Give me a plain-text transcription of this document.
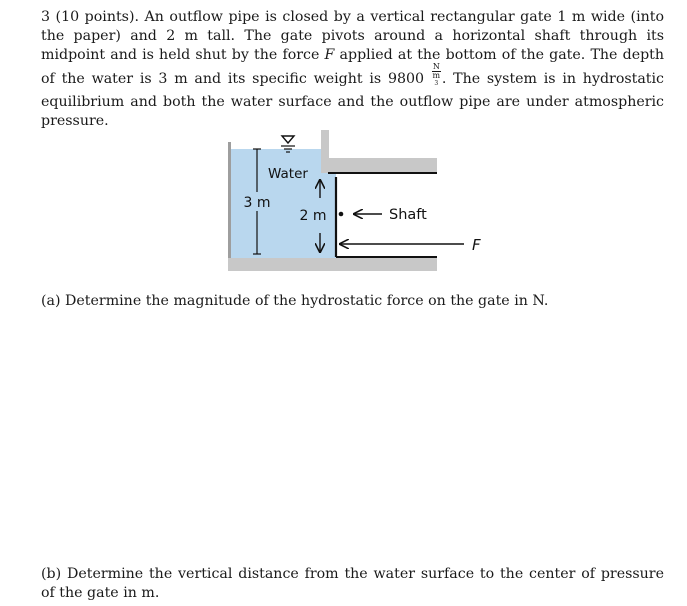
3 (10 points). An outflow pipe is closed by a vertical rectangular gate 1 m wide (into the paper) and 2 m tall. The gate pivots around a horizontal shaft through its midpoint and is held shut by the force F applied at the bottom of the gate. The depth of the water is 3 m and its specific weight is 9800 N
m
$^3$ . The system is in hydrostatic equilibrium and both the water surface and the outflow pipe are under atmospheric pressure.

Water
3 m
2 m	Shaft
F

(a) Determine the magnitude of the hydrostatic force on the gate in N.

(b) Determine the vertical distance from the water surface to the center of pressure of the gate in m.
